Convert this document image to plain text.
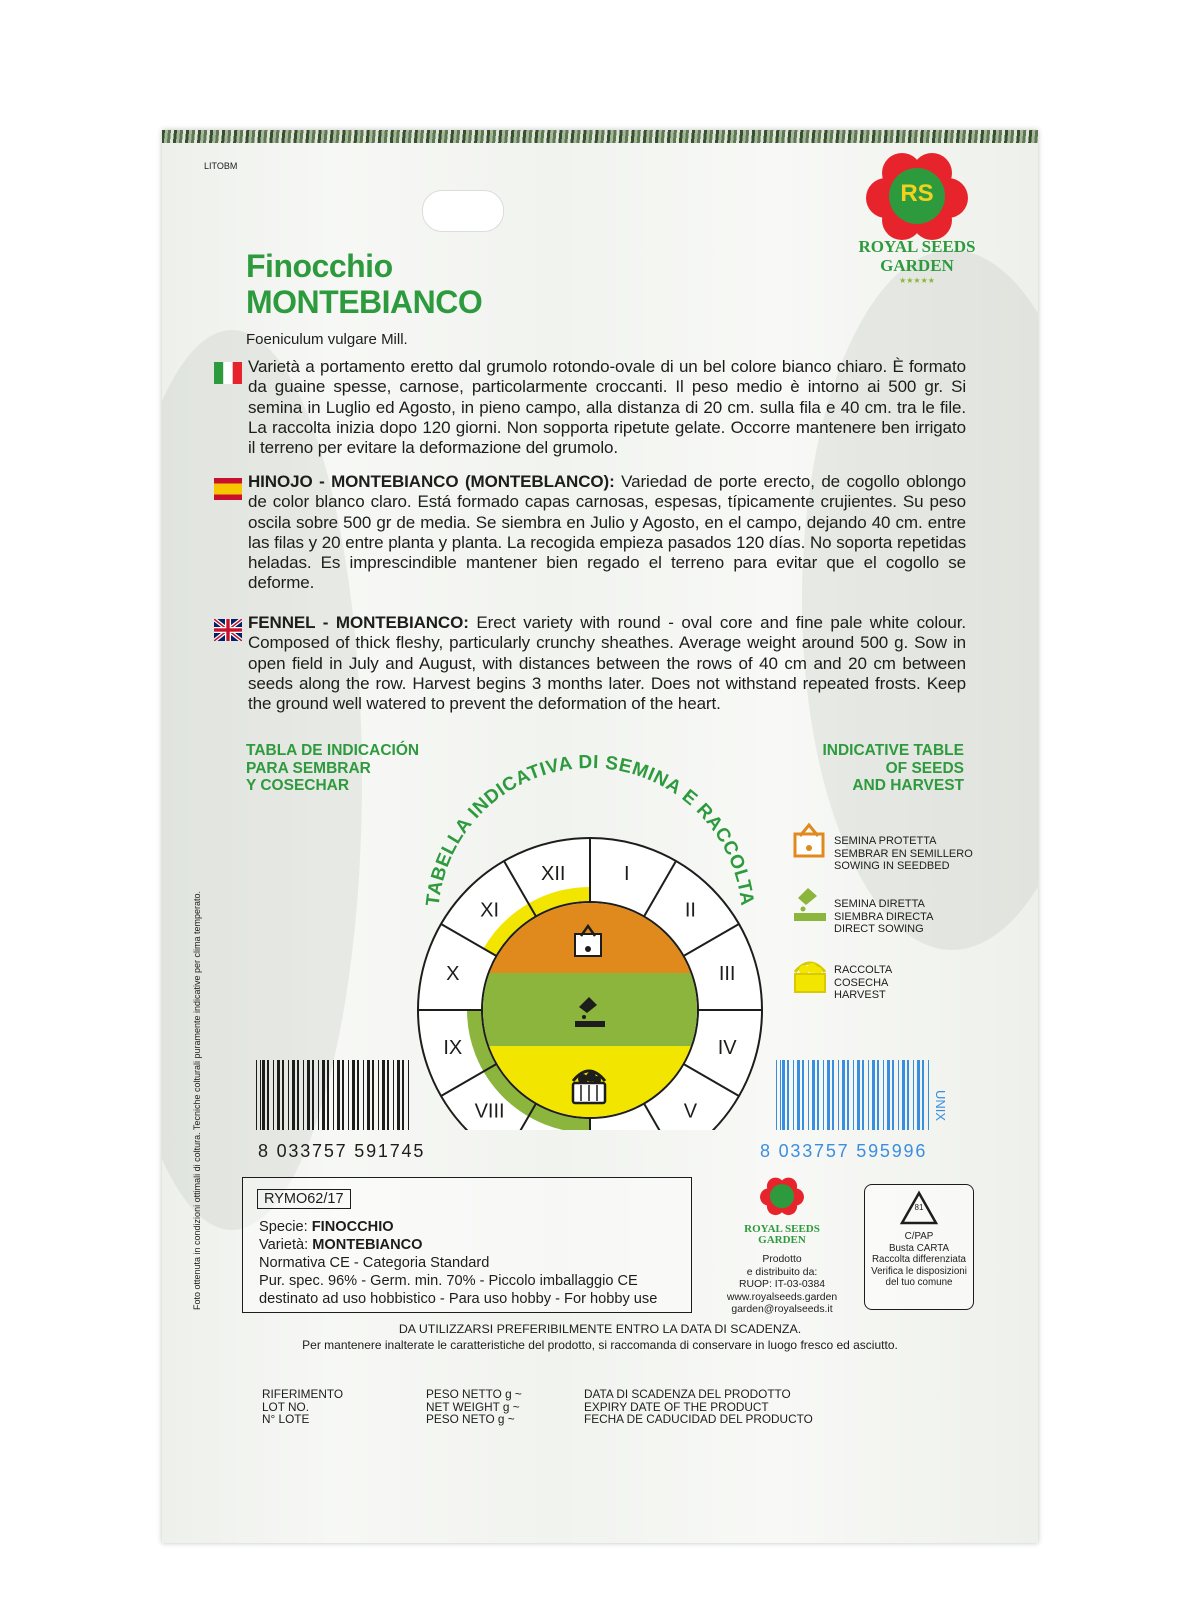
LITOBM
RS
ROYAL SEEDS
GARDEN
★★★★★
Foto ottenuta in condizioni ottimali di coltura. Tecniche colturali puramente indicative per clima temperato.
Finocchio
MONTEBIANCO
Foeniculum vulgare Mill.
Varietà a portamento eretto dal grumolo rotondo-ovale di un bel colore bianco chiaro. È formato da guaine spesse, carnose, particolarmente croccanti. Il peso medio è intorno ai 500 gr. Si semina in Luglio ed Agosto, in pieno campo, alla distanza di 20 cm. sulla fila e 40 cm. tra le file. La raccolta inizia dopo 120 giorni. Non sopporta ripetute gelate. Occorre mantenere ben irrigato il terreno per evitare la deformazione del grumolo.
HINOJO - MONTEBIANCO (MONTEBLANCO): Variedad de porte erecto, de cogollo oblongo de color blanco claro. Está formado capas carnosas, espesas, típicamente crujientes. Su peso oscila sobre 500 gr de media. Se siembra en Julio y Agosto, en el campo, dejando 40 cm. entre las filas y 20 entre planta y planta. La recogida empieza pasados 120 días. No soporta repetidas heladas. Es imprescindible mantener bien regado el terreno para evitar que el cogollo se deforme.
FENNEL - MONTEBIANCO: Erect variety with round - oval core and fine pale white colour. Composed of thick fleshy, particularly crunchy sheathes. Average weight around 500 g. Sow in open field in July and August, with distances between the rows of 40 cm and 20 cm between seeds along the row. Harvest begins 3 months later. Does not withstand repeated frosts. Keep the ground well watered to prevent the deformation of the heart.
TABLA DE INDICACIÓN
PARA SEMBRAR
Y COSECHAR
INDICATIVE TABLE
OF SEEDS
AND HARVEST
TABELLA INDICATIVA DI SEMINA E RACCOLTA
I
II
III
IV
V
VIII
IX
X
XI
XII
SEMINA PROTETTA
SEMBRAR EN SEMILLERO
SOWING IN SEEDBED
SEMINA DIRETTA
SIEMBRA DIRECTA
DIRECT SOWING
RACCOLTA
COSECHA
HARVEST
8 033757 591745	8 033757 595996
UNIX
RYMO62/17
Specie: FINOCCHIO
Varietà: MONTEBIANCO
Normativa CE - Categoria Standard
Pur. spec. 96% - Germ. min. 70% - Piccolo imballaggio CE
destinato ad uso hobbistico - Para uso hobby - For hobby use
ROYAL SEEDS
GARDEN
Prodotto
e distribuito da:
RUOP: IT-03-0384
www.royalseeds.garden
garden@royalseeds.it
81
C/PAP
Busta CARTA
Raccolta differenziata
Verifica le disposizioni
del tuo comune
DA UTILIZZARSI PREFERIBILMENTE ENTRO LA DATA DI SCADENZA.
Per mantenere inalterate le caratteristiche del prodotto, si raccomanda di conservare in luogo fresco ed asciutto.
RIFERIMENTO
LOT NO.
N° LOTE
PESO NETTO g ~
NET WEIGHT g ~
PESO NETO g ~
DATA DI SCADENZA DEL PRODOTTO
EXPIRY DATE OF THE PRODUCT
FECHA DE CADUCIDAD DEL PRODUCTO
